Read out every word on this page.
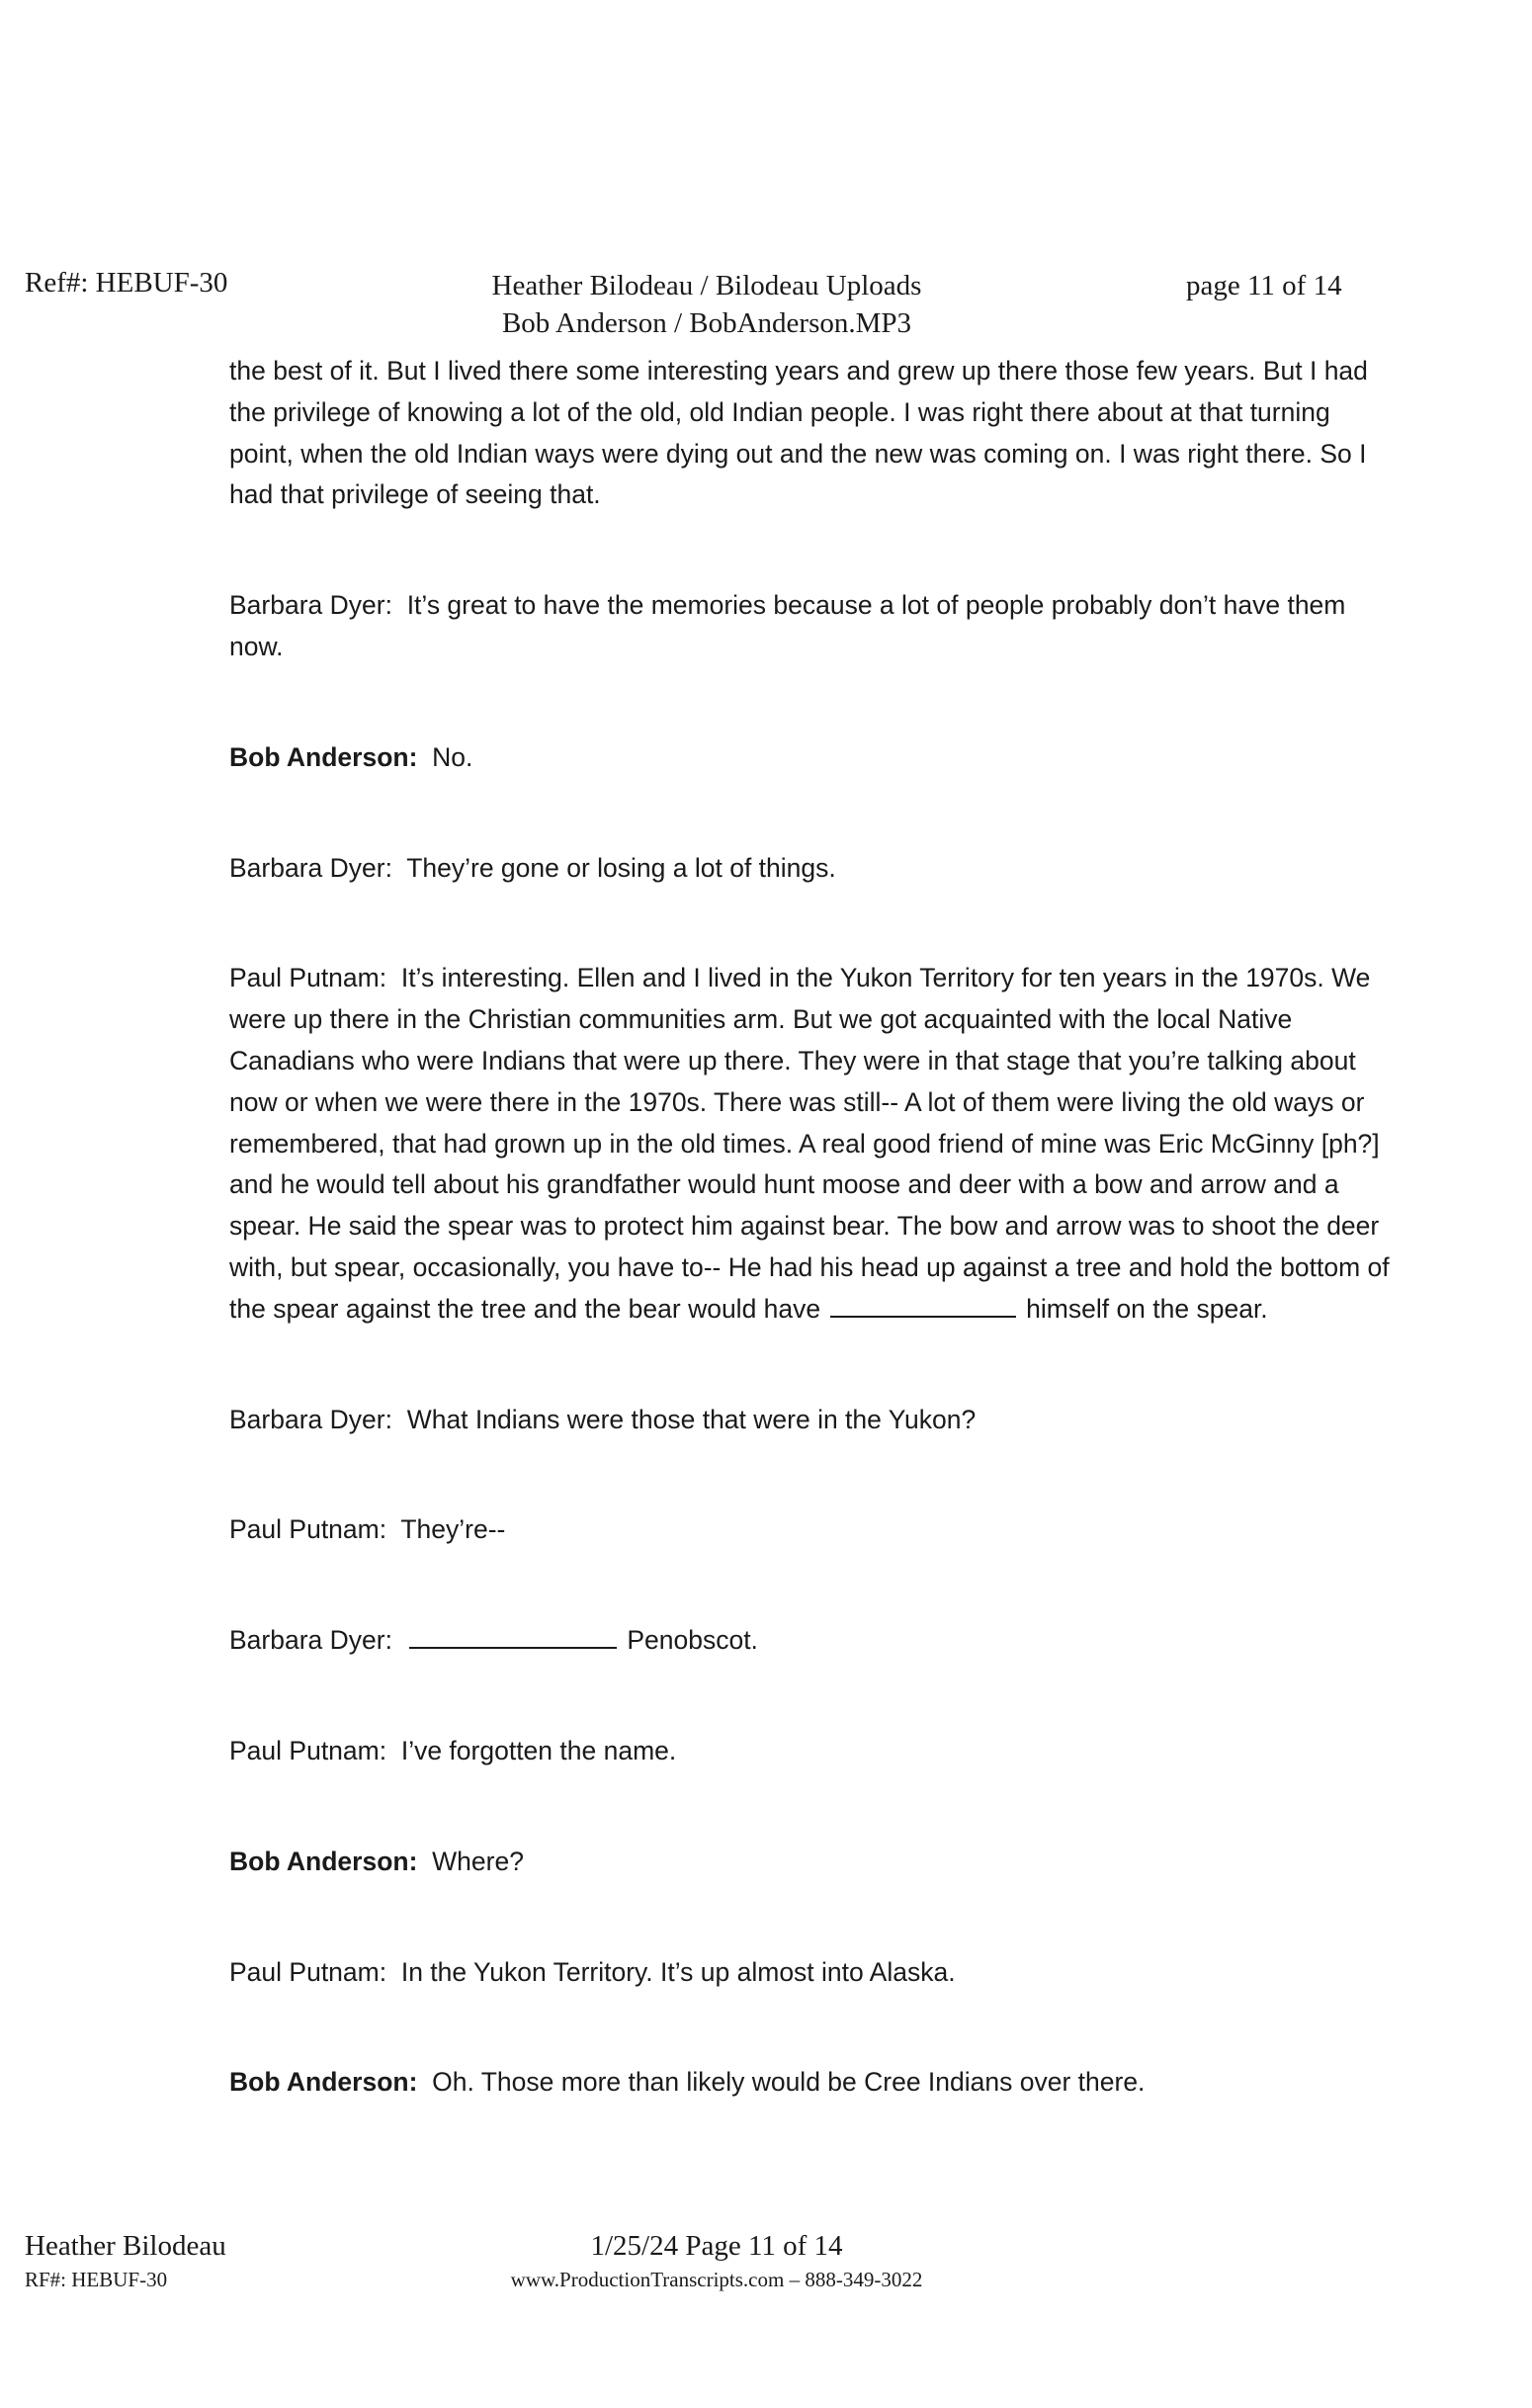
Ref#: HEBUF-30	Heather Bilodeau / Bilodeau Uploads
Bob Anderson / BobAnderson.MP3
page 11 of 14

the best of it. But I lived there some interesting years and grew up there those few years. But I had the privilege of knowing a lot of the old, old Indian people. I was right there about at that turning point, when the old Indian ways were dying out and the new was coming on. I was right there. So I had that privilege of seeing that.

Barbara Dyer: It’s great to have the memories because a lot of people probably don’t have them now.

Bob Anderson: No.

Barbara Dyer: They’re gone or losing a lot of things.

Paul Putnam: It’s interesting. Ellen and I lived in the Yukon Territory for ten years in the 1970s. We were up there in the Christian communities arm. But we got acquainted with the local Native Canadians who were Indians that were up there. They were in that stage that you’re talking about now or when we were there in the 1970s. There was still-- A lot of them were living the old ways or remembered, that had grown up in the old times. A real good friend of mine was Eric McGinny [ph?] and he would tell about his grandfather would hunt moose and deer with a bow and arrow and a spear. He said the spear was to protect him against bear. The bow and arrow was to shoot the deer with, but spear, occasionally, you have to-- He had his head up against a tree and hold the bottom of the spear against the tree and the bear would have	himself on the spear.

Barbara Dyer: What Indians were those that were in the Yukon?

Paul Putnam: They’re--

Barbara Dyer:	Penobscot.

Paul Putnam: I’ve forgotten the name.

Bob Anderson: Where?

Paul Putnam: In the Yukon Territory. It’s up almost into Alaska.

Bob Anderson: Oh. Those more than likely would be Cree Indians over there.

Heather Bilodeau
RF#: HEBUF-30
1/25/24 Page 11 of 14
www.ProductionTranscripts.com – 888-349-3022
